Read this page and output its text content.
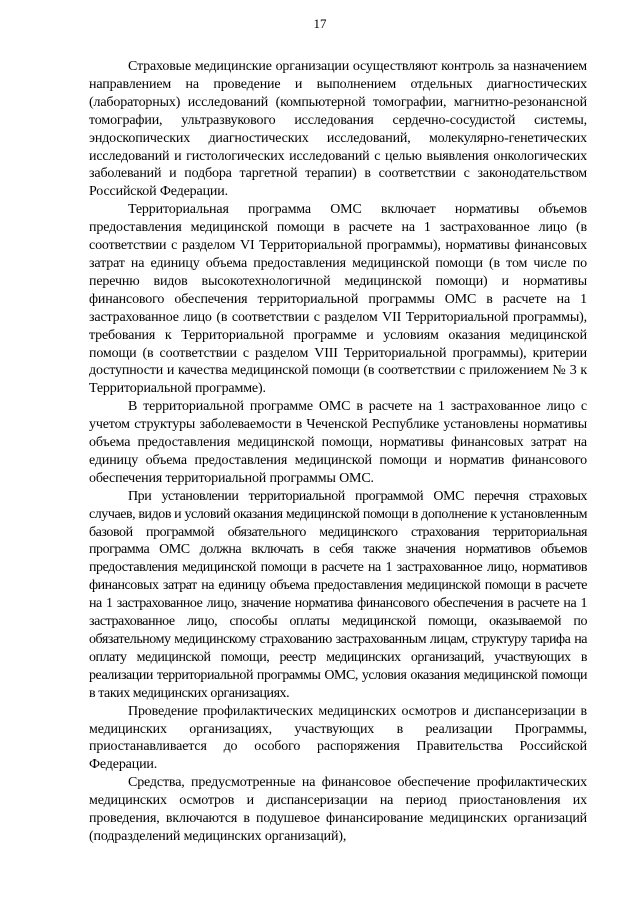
17

Страховые медицинские организации осуществляют контроль за назначением направлением на проведение и выполнением отдельных диагностических (лабораторных) исследований (компьютерной томографии, магнитно-резонансной томографии, ультразвукового исследования сердечно-сосудистой системы, эндоскопических диагностических исследований, молекулярно-генетических исследований и гистологических исследований с целью выявления онкологических заболеваний и подбора таргетной терапии) в соответствии с законодательством Российской Федерации.

Территориальная программа ОМС включает нормативы объемов предоставления медицинской помощи в расчете на 1 застрахованное лицо (в соответствии с разделом VI Территориальной программы), нормативы финансовых затрат на единицу объема предоставления медицинской помощи (в том числе по перечню видов высокотехнологичной медицинской помощи) и нормативы финансового обеспечения территориальной программы ОМС в расчете на 1 застрахованное лицо (в соответствии с разделом VII Территориальной программы), требования к Территориальной программе и условиям оказания медицинской помощи (в соответствии с разделом VIII Территориальной программы), критерии доступности и качества медицинской помощи (в соответствии с приложением № 3 к Территориальной программе).

В территориальной программе ОМС в расчете на 1 застрахованное лицо с учетом структуры заболеваемости в Чеченской Республике установлены нормативы объема предоставления медицинской помощи, нормативы финансовых затрат на единицу объема предоставления медицинской помощи и норматив финансового обеспечения территориальной программы ОМС.

При установлении территориальной программой ОМС перечня страховых случаев, видов и условий оказания медицинской помощи в дополнение к установленным базовой программой обязательного медицинского страхования территориальная программа ОМС должна включать в себя также значения нормативов объемов предоставления медицинской помощи в расчете на 1 застрахованное лицо, нормативов финансовых затрат на единицу объема предоставления медицинской помощи в расчете на 1 застрахованное лицо, значение норматива финансового обеспечения в расчете на 1 застрахованное лицо, способы оплаты медицинской помощи, оказываемой по обязательному медицинскому страхованию застрахованным лицам, структуру тарифа на оплату медицинской помощи, реестр медицинских организаций, участвующих в реализации территориальной программы ОМС, условия оказания медицинской помощи в таких медицинских организациях.

Проведение профилактических медицинских осмотров и диспансеризации в медицинских организациях, участвующих в реализации Программы, приостанавливается до особого распоряжения Правительства Российской Федерации.

Средства, предусмотренные на финансовое обеспечение профилактических медицинских осмотров и диспансеризации на период приостановления их проведения, включаются в подушевое финансирование медицинских организаций (подразделений медицинских организаций),
